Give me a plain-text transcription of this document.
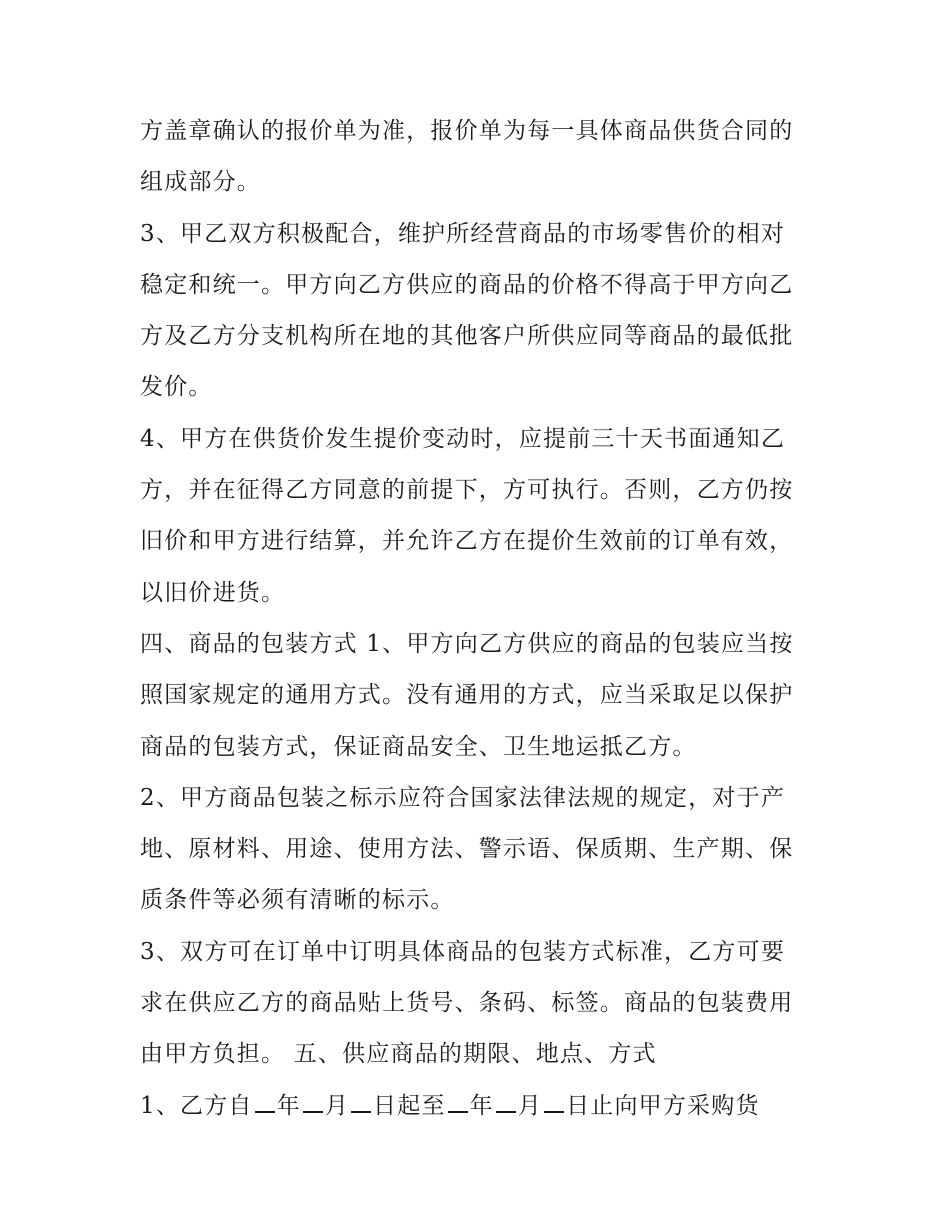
方盖章确认的报价单为准，报价单为每一具体商品供货合同的
组成部分。
3、甲乙双方积极配合，维护所经营商品的市场零售价的相对
稳定和统一。甲方向乙方供应的商品的价格不得高于甲方向乙
方及乙方分支机构所在地的其他客户所供应同等商品的最低批
发价。
4、甲方在供货价发生提价变动时，应提前三十天书面通知乙
方，并在征得乙方同意的前提下，方可执行。否则，乙方仍按
旧价和甲方进行结算，并允许乙方在提价生效前的订单有效，
以旧价进货。
四、商品的包装方式 1、甲方向乙方供应的商品的包装应当按
照国家规定的通用方式。没有通用的方式，应当采取足以保护
商品的包装方式，保证商品安全、卫生地运抵乙方。
2、甲方商品包装之标示应符合国家法律法规的规定，对于产
地、原材料、用途、使用方法、警示语、保质期、生产期、保
质条件等必须有清晰的标示。
3、双方可在订单中订明具体商品的包装方式标准，乙方可要
求在供应乙方的商品贴上货号、条码、标签。商品的包装费用
由甲方负担。 五、供应商品的期限、地点、方式
1、乙方自 年 月 日起至 年 月 日止向甲方采购货
